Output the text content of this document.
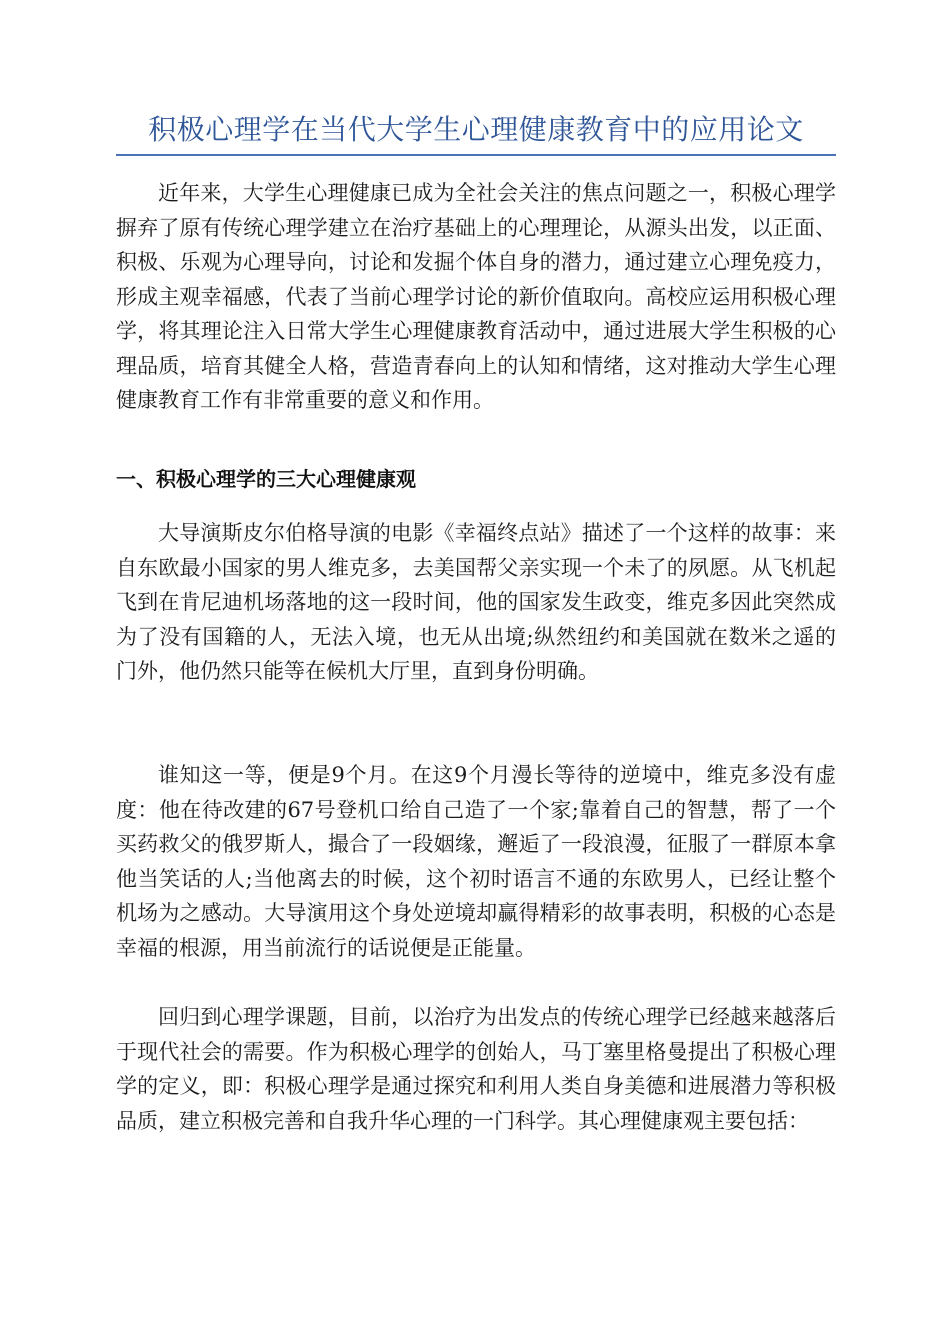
积极心理学在当代大学生心理健康教育中的应用论文

近年来，大学生心理健康已成为全社会关注的焦点问题之一，积极心理学摒弃了原有传统心理学建立在治疗基础上的心理理论，从源头出发，以正面、积极、乐观为心理导向，讨论和发掘个体自身的潜力，通过建立心理免疫力，形成主观幸福感，代表了当前心理学讨论的新价值取向。高校应运用积极心理学，将其理论注入日常大学生心理健康教育活动中，通过进展大学生积极的心理品质，培育其健全人格，营造青春向上的认知和情绪，这对推动大学生心理健康教育工作有非常重要的意义和作用。

一、积极心理学的三大心理健康观

大导演斯皮尔伯格导演的电影《幸福终点站》描述了一个这样的故事：来自东欧最小国家的男人维克多，去美国帮父亲实现一个未了的夙愿。从飞机起飞到在肯尼迪机场落地的这一段时间，他的国家发生政变，维克多因此突然成为了没有国籍的人，无法入境，也无从出境;纵然纽约和美国就在数米之遥的门外，他仍然只能等在候机大厅里，直到身份明确。

谁知这一等，便是9个月。在这9个月漫长等待的逆境中，维克多没有虚度：他在待改建的67号登机口给自己造了一个家;靠着自己的智慧，帮了一个买药救父的俄罗斯人，撮合了一段姻缘，邂逅了一段浪漫，征服了一群原本拿他当笑话的人;当他离去的时候，这个初时语言不通的东欧男人，已经让整个机场为之感动。大导演用这个身处逆境却赢得精彩的故事表明，积极的心态是幸福的根源，用当前流行的话说便是正能量。

回归到心理学课题，目前，以治疗为出发点的传统心理学已经越来越落后于现代社会的需要。作为积极心理学的创始人，马丁塞里格曼提出了积极心理学的定义，即：积极心理学是通过探究和利用人类自身美德和进展潜力等积极品质，建立积极完善和自我升华心理的一门科学。其心理健康观主要包括：
